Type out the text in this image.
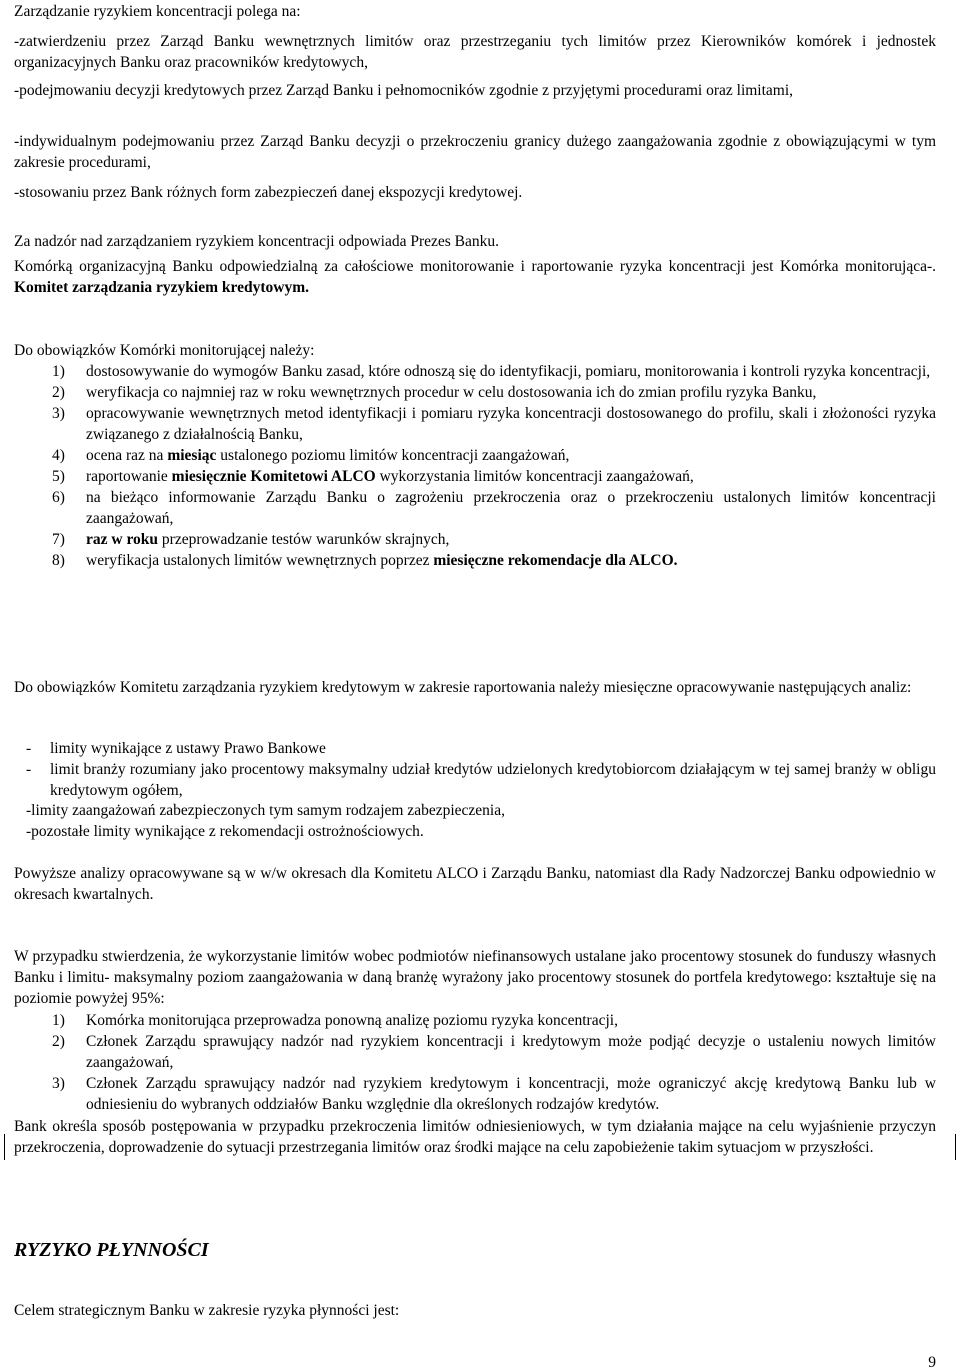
Zarządzanie ryzykiem koncentracji polega na:

-zatwierdzeniu przez Zarząd Banku wewnętrznych limitów oraz przestrzeganiu tych limitów przez Kierowników komórek i jednostek organizacyjnych Banku oraz pracowników kredytowych,

-podejmowaniu decyzji kredytowych przez Zarząd Banku i pełnomocników zgodnie z przyjętymi procedurami oraz limitami,

-indywidualnym podejmowaniu przez Zarząd Banku decyzji o przekroczeniu granicy dużego zaangażowania zgodnie z obowiązującymi w tym zakresie procedurami,

-stosowaniu przez Bank różnych form zabezpieczeń danej ekspozycji kredytowej.

Za nadzór nad zarządzaniem ryzykiem koncentracji odpowiada Prezes Banku.

Komórką organizacyjną Banku odpowiedzialną za całościowe monitorowanie i raportowanie ryzyka koncentracji jest Komórka monitorująca-. Komitet zarządzania ryzykiem kredytowym.

Do obowiązków Komórki monitorującej należy:

1) dostosowywanie do wymogów Banku zasad, które odnoszą się do identyfikacji, pomiaru, monitorowania i kontroli ryzyka koncentracji,
2) weryfikacja co najmniej raz w roku wewnętrznych procedur w celu dostosowania ich do zmian profilu ryzyka Banku,
3) opracowywanie wewnętrznych metod identyfikacji i pomiaru ryzyka koncentracji dostosowanego do profilu, skali i złożoności ryzyka związanego z działalnością Banku,
4) ocena raz na miesiąc ustalonego poziomu limitów koncentracji zaangażowań,
5) raportowanie miesięcznie Komitetowi ALCO wykorzystania limitów koncentracji zaangażowań,
6) na bieżąco informowanie Zarządu Banku o zagrożeniu przekroczenia oraz o przekroczeniu ustalonych limitów koncentracji zaangażowań,
7) raz w roku przeprowadzanie testów warunków skrajnych,
8) weryfikacja ustalonych limitów wewnętrznych poprzez miesięczne rekomendacje dla ALCO.

Do obowiązków Komitetu zarządzania ryzykiem kredytowym w zakresie raportowania należy miesięczne opracowywanie następujących analiz:

- limity wynikające z ustawy Prawo Bankowe
- limit branży rozumiany jako procentowy maksymalny udział kredytów udzielonych kredytobiorcom działającym w tej samej branży w obligu kredytowym ogółem,

-limity zaangażowań zabezpieczonych tym samym rodzajem zabezpieczenia,

-pozostałe limity wynikające z rekomendacji ostrożnościowych.

Powyższe analizy opracowywane są w w/w okresach dla Komitetu ALCO i Zarządu Banku, natomiast dla Rady Nadzorczej Banku odpowiednio w okresach kwartalnych.

W przypadku stwierdzenia, że wykorzystanie limitów wobec podmiotów niefinansowych ustalane jako procentowy stosunek do funduszy własnych Banku i limitu- maksymalny poziom zaangażowania w daną branżę wyrażony jako procentowy stosunek do portfela kredytowego: kształtuje się na poziomie powyżej 95%:

1) Komórka monitorująca przeprowadza ponowną analizę poziomu ryzyka koncentracji,
2) Członek Zarządu sprawujący nadzór nad ryzykiem koncentracji i kredytowym może podjąć decyzje o ustaleniu nowych limitów zaangażowań,
3) Członek Zarządu sprawujący nadzór nad ryzykiem kredytowym i koncentracji, może ograniczyć akcję kredytową Banku lub w odniesieniu do wybranych oddziałów Banku względnie dla określonych rodzajów kredytów.

Bank określa sposób postępowania w przypadku przekroczenia limitów odniesieniowych, w tym działania mające na celu wyjaśnienie przyczyn przekroczenia, doprowadzenie do sytuacji przestrzegania limitów oraz środki mające na celu zapobieżenie takim sytuacjom w przyszłości.

RYZYKO PŁYNNOŚCI

Celem strategicznym Banku w zakresie ryzyka płynności jest:

9
